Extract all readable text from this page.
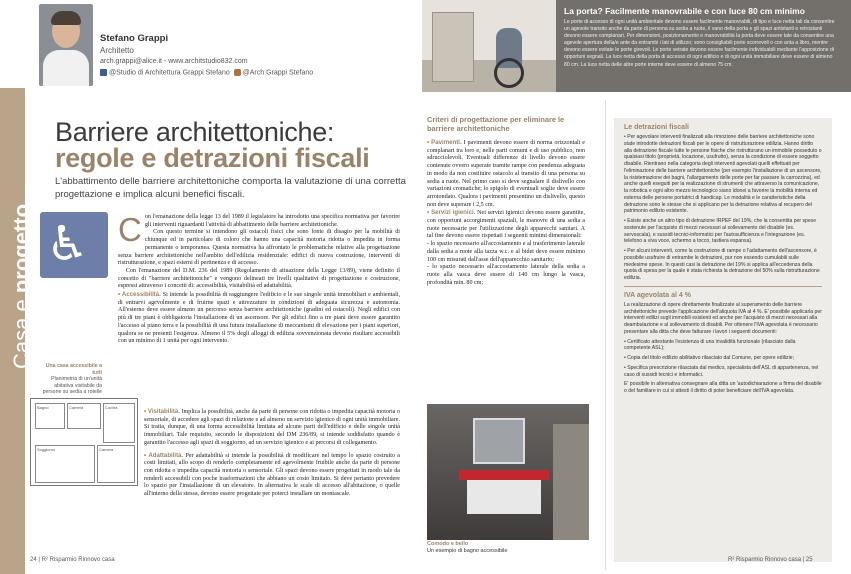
Stefano Grappi
Architetto
arch.grappi@alice.it - www.architstudio832.com
@Studio di Architettura Grappi Stefano @Arch Grappi Stefano
La porta? Facilmente manovrabile e con luce 80 cm minimo

Le porte di accesso di ogni unità ambientale devono essere facilmente manovrabili, di tipo e luce netta tali da consentire un agevole transito anche da parte di persona su sedia a ruote, il vano della porta e gli spazi antistanti e retrostanti devono essere complanari. Per dimensioni, posizionamento e manovrabilità la porta deve essere tale da consentire una agevole apertura della/e ante da entrambi i lati di utilizzo; sono consigliabili porte scorrevoli o con anta a libro, mentre devono essere evitate le porte girevoli. Le porte vetrate devono essere facilmente individuabili mediante l'apposizione di opportuni segnali. La luce netta della porta di accesso di ogni edificio e di ogni unità immobiliare deve essere di almeno 80 cm. La luce netta delle altre porte interne deve essere di almeno 75 cm.

Casa e progetto
Barriere architettoniche:
regole e detrazioni fiscali
L'abbattimento delle barriere architettoniche comporta la valutazione di una corretta progettazione e implica alcuni benefici fiscali.
♿
Una casa accessibile a tutti
Planimetria di un'unità abitativa visitabile da persone su sedia a rotelle
Bagno	Camera	Cucina
Soggiorno	Camera

Con l'emanazione della legge 13 del 1989 il legislatore ha introdotto una specifica normativa per favorire gli interventi riguardanti l'attività di abbattimento delle barriere architettoniche.

Con questo termine si intendono gli ostacoli fisici che sono fonte di disagio per la mobilità di chiunque ed in particolare di coloro che hanno una capacità motoria ridotta o impedita in forma permanente o temporanea. Questa normativa ha affrontato le problematiche relative alla progettazione senza barriere architettoniche nell'ambito dell'edilizia residenziale: edifici di nuova costruzione, interventi di ristrutturazione, e spazi esterni di pertinenza e di accesso.

Con l'emanazione del D.M. 236 del 1989 (Regolamento di attuazione della Legge 13/89), viene definito il concetto di "barriere architettoniche" e vengono delineati tre livelli qualitativi di progettazione e costruzione, espressi attraverso i concetti di: accessibilità, visitabilità ed adattabilità.

• Accessibilità. Si intende la possibilità di raggiungere l'edificio e le sue singole unità immobiliari e ambientali, di entrarvi agevolmente e di fruirne spazi e attrezzature in condizioni di adeguata sicurezza e autonomia. All'esterno deve essere almeno un percorso senza barriere architettoniche (gradini ed ostacoli). Negli edifici con più di tre piani è obbligatoria l'installazione di un ascensore. Per gli edifici fino a tre piani deve essere garantito l'accesso al piano terra e la possibilità di una futura installazione di meccanismi di elevazione per i piani superiori, qualora se ne presenti l'esigenza. Almeno il 5% degli alloggi di edilizia sovvenzionata devono risultare accessibili con un minimo di 1 unità per ogni intervento.

• Visitabilità. Implica la possibilità, anche da parte di persone con ridotta o impedita capacità motoria o sensoriale, di accedere agli spazi di relazione e ad almeno un servizio igienico di ogni unità immobiliare. Si tratta, dunque, di una forma accessibilità limitata ad alcune parti dell'edificio e delle singole unità immobiliari. Tale requisito, secondo le disposizioni del DM 236/89, si intende soddisfatto quando è garantito l'accesso agli spazi di soggiorno, ad un servizio igienico e ai percorsi di collegamento.

• Adattabilità. Per adattabilità si intende la possibilità di modificare nel tempo lo spazio costruito a costi limitati, allo scopo di renderlo completamente ed agevolmente fruibile anche da parte di persone con ridotta o impedita capacità motoria o sensoriale. Gli spazi devono essere progettati in modo tale da renderli accessibili con poche trasformazioni che abbiano un costo limitato. Si deve pertanto prevedere lo spazio per l'installazione di un elevatore. In alternativa le scale di accesso all'abitazione, o quelle all'interno della stessa, devono essere progettate per poterci installare un montascale.

Criteri di progettazione per eliminare le barriere architettoniche

• Pavimenti. I pavimenti devono essere di norma orizzontali e complanari tra loro e, nelle parti comuni e di uso pubblico, non sdrucciolevoli. Eventuali differenze di livello devono essere contenute ovvero superate tramite rampe con pendenza adeguata in modo da non costituire ostacolo al transito di una persona su sedia a ruote. Nel primo caso si deve segnalare il dislivello con variazioni cromatiche; lo spigolo di eventuali soglie deve essere arrotondato. Qualora i pavimenti presentino un dislivello, questo non deve superare i 2,5 cm.

• Servizi igienici. Nei servizi igienici devono essere garantite, con opportuni accorgimenti spaziali, le manovre di una sedia a ruote necessarie per l'utilizzazione degli apparecchi sanitari. A tal fine devono essere rispettati i seguenti minimi dimensionali:

- lo spazio necessario all'accostamento e al trasferimento laterale dalla sedia a ruote alla tazza w.c. e al bidet deve essere minimo 100 cm misurati dall'asse dell'apparecchio sanitario;

- lo spazio necessario all'accostamento laterale della sedia a ruote alla vasca deve essere di 140 cm lungo la vasca, profondità min. 80 cm;

Comodo e bello
Un esempio di bagno accessibile
Le detrazioni fiscali

• Per agevolare interventi finalizzati alla rimozione delle barriere architettoniche sono state introdotte detrazioni fiscali per le opere di ristrutturazione edilizia. Hanno diritto alla detrazione fiscale tutte le persone fisiche che ristrutturano un immobile posseduto o qualsiasi titolo (proprietà, locazione, usufrutto), senza la condizione di essere soggetto disabile. Rientrano nella categoria degli interventi agevolati quelli effettuati per l'eliminazione delle barriere architettoniche (per esempio l'installazione di un ascensore, la risistemazione dei bagni, l'allargamento delle porte per far passare la carrozzina), ed anche quelli eseguiti per la realizzazione di strumenti che attraverso la comunicazione, la robotica e ogni altro mezzo tecnologico siano idonei a favorire la mobilità interna ed esterna delle persone portatrici di handicap. Le modalità e le caratteristiche della detrazione sono le stesse che si applicano per la detrazione relativa al recupero del patrimonio edilizio esistente.

• Esiste anche un altro tipo di detrazione IRPEF del 19%, che la consentita per spese sostenute per l'acquisto di mezzi necessari al sollevamento del disabile (es. servoscala), e sussidi tecnici-informatici per l'autosufficienza e l'integrazione (es. telefono a viva voce, schermo a tocco, tastiera espansa).

• Per alcuni interventi, come la costruzione di rampe o l'adattamento dell'ascensore, è possibile usufruire di entrambe le detrazioni, pur non essendo cumulabili sulle medesime spese. In questi casi la detrazione del 19% si applica all'eccedenza della quota di spesa per la quale è stata richiesta la detrazione del 50% sulla ristrutturazione edilizia.

IVA agevolata al 4 %

La realizzazione di opere direttamente finalizzate al superamento delle barriere architettoniche prevede l'applicazione dell'aliquota IVA al 4 %. E' possibile applicarla per interventi edilizi sugli immobili esistenti ed anche per l'acquisto di mezzi necessari alla deambulazione e al sollevamento di disabili. Per ottenere l'IVA agevolata è necessario presentare alla ditta che deve fatturare i lavori i seguenti documenti:

• Certificato attestante l'esistenza di una invalidità funzionale (rilasciato dalla competente ASL);

• Copia del titolo edilizio abilitativo rilasciato dal Comune, per opere edilizie;

• Specifica prescrizione rilasciata dal medico, specialista dell'ASL di appartenenza, nel caso di sussidi tecnici e informatici.

E' possibile in alternativa consegnare alla ditta un 'autodichiarazione a firma del disabile o del familiare in cui si attesti il diritto di poter beneficiare dell'IVA agevolata.

24 | R² Risparmio Rinnovo casa	R² Risparmio Rinnovo casa | 25
